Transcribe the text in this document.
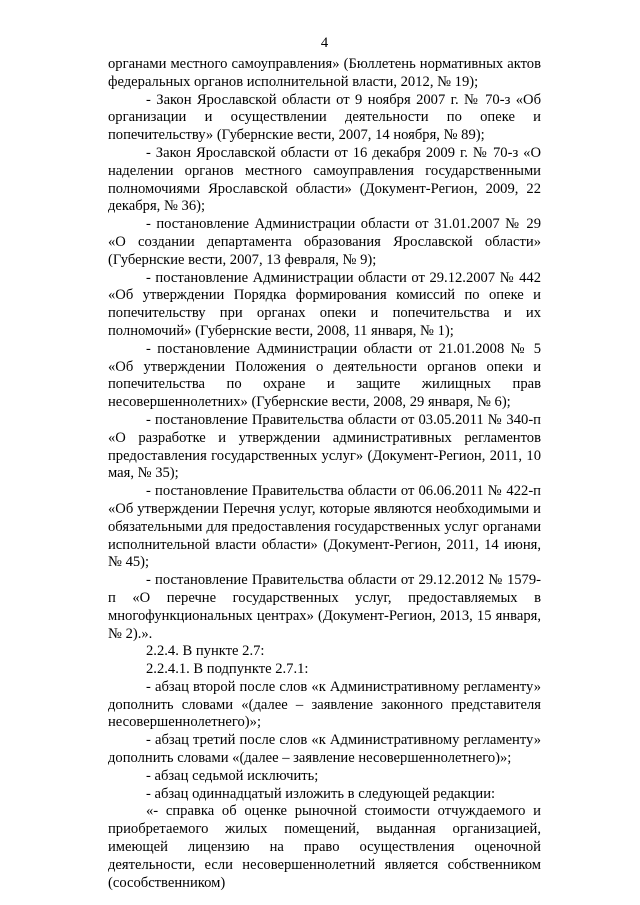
4

органами местного самоуправления» (Бюллетень нормативных актов федеральных органов исполнительной власти, 2012, № 19);

- Закон Ярославской области от 9 ноября 2007 г. № 70-з «Об организации и осуществлении деятельности по опеке и попечительству» (Губернские вести, 2007, 14 ноября, № 89);

- Закон Ярославской области от 16 декабря 2009 г. № 70-з «О наделении органов местного самоуправления государственными полномочиями Ярославской области» (Документ-Регион, 2009, 22 декабря, № 36);

- постановление Администрации области от 31.01.2007 № 29 «О создании департамента образования Ярославской области» (Губернские вести, 2007, 13 февраля, № 9);

- постановление Администрации области от 29.12.2007 № 442 «Об утверждении Порядка формирования комиссий по опеке и попечительству при органах опеки и попечительства и их полномочий» (Губернские вести, 2008, 11 января, № 1);

- постановление Администрации области от 21.01.2008 № 5 «Об утверждении Положения о деятельности органов опеки и попечительства по охране и защите жилищных прав несовершеннолетних» (Губернские вести, 2008, 29 января, № 6);

- постановление Правительства области от 03.05.2011 № 340-п «О разработке и утверждении административных регламентов предоставления государственных услуг» (Документ-Регион, 2011, 10 мая, № 35);

- постановление Правительства области от 06.06.2011 № 422-п «Об утверждении Перечня услуг, которые являются необходимыми и обязательными для предоставления государственных услуг органами исполнительной власти области» (Документ-Регион, 2011, 14 июня, № 45);

- постановление Правительства области от 29.12.2012 № 1579-п «О перечне государственных услуг, предоставляемых в многофункциональных центрах» (Документ-Регион, 2013, 15 января, № 2).».

2.2.4. В пункте 2.7:

2.2.4.1. В подпункте 2.7.1:

- абзац второй после слов «к Административному регламенту» дополнить словами «(далее – заявление законного представителя несовершеннолетнего)»;

- абзац третий после слов «к Административному регламенту» дополнить словами «(далее – заявление несовершеннолетнего)»;

- абзац седьмой исключить;

- абзац одиннадцатый изложить в следующей редакции:

«- справка об оценке рыночной стоимости отчуждаемого и приобретаемого жилых помещений, выданная организацией, имеющей лицензию на право осуществления оценочной деятельности, если несовершеннолетний является собственником (сособственником)
